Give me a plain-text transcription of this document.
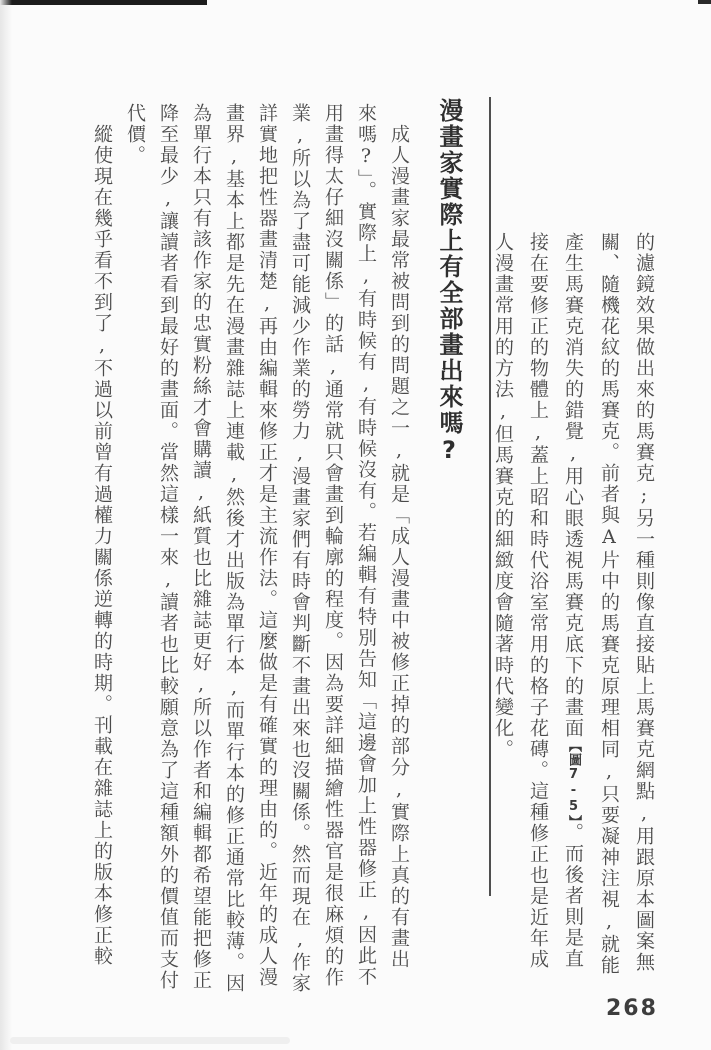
的濾鏡效果做出來的馬賽克;另一種則像直接貼上馬賽克網點,用跟原本圖案無
關、隨機花紋的馬賽克。前者與A片中的馬賽克原理相同,只要凝神注視,就能
產生馬賽克消失的錯覺,用心眼透視馬賽克底下的畫面【圖7-5】。而後者則是直
接在要修正的物體上,蓋上昭和時代浴室常用的格子花磚。這種修正也是近年成
人漫畫常用的方法,但馬賽克的細緻度會隨著時代變化。
漫畫家實際上有全部畫出來嗎?
成人漫畫家最常被問到的問題之一,就是「成人漫畫中被修正掉的部分,實際上真的有畫出
來嗎?」。實際上,有時候有,有時候沒有。若編輯有特別告知「這邊會加上性器修正,因此不
用畫得太仔細沒關係」的話,通常就只會畫到輪廓的程度。因為要詳細描繪性器官是很麻煩的作
業,所以為了盡可能減少作業的勞力,漫畫家們有時會判斷不畫出來也沒關係。然而現在,作家
詳實地把性器畫清楚,再由編輯來修正才是主流作法。這麼做是有確實的理由的。近年的成人漫
畫界,基本上都是先在漫畫雜誌上連載,然後才出版為單行本,而單行本的修正通常比較薄。因
為單行本只有該作家的忠實粉絲才會購讀,紙質也比雜誌更好,所以作者和編輯都希望能把修正
降至最少,讓讀者看到最好的畫面。當然這樣一來,讀者也比較願意為了這種額外的價值而支付
代價。
縱使現在幾乎看不到了,不過以前曾有過權力關係逆轉的時期。刊載在雜誌上的版本修正較
268
